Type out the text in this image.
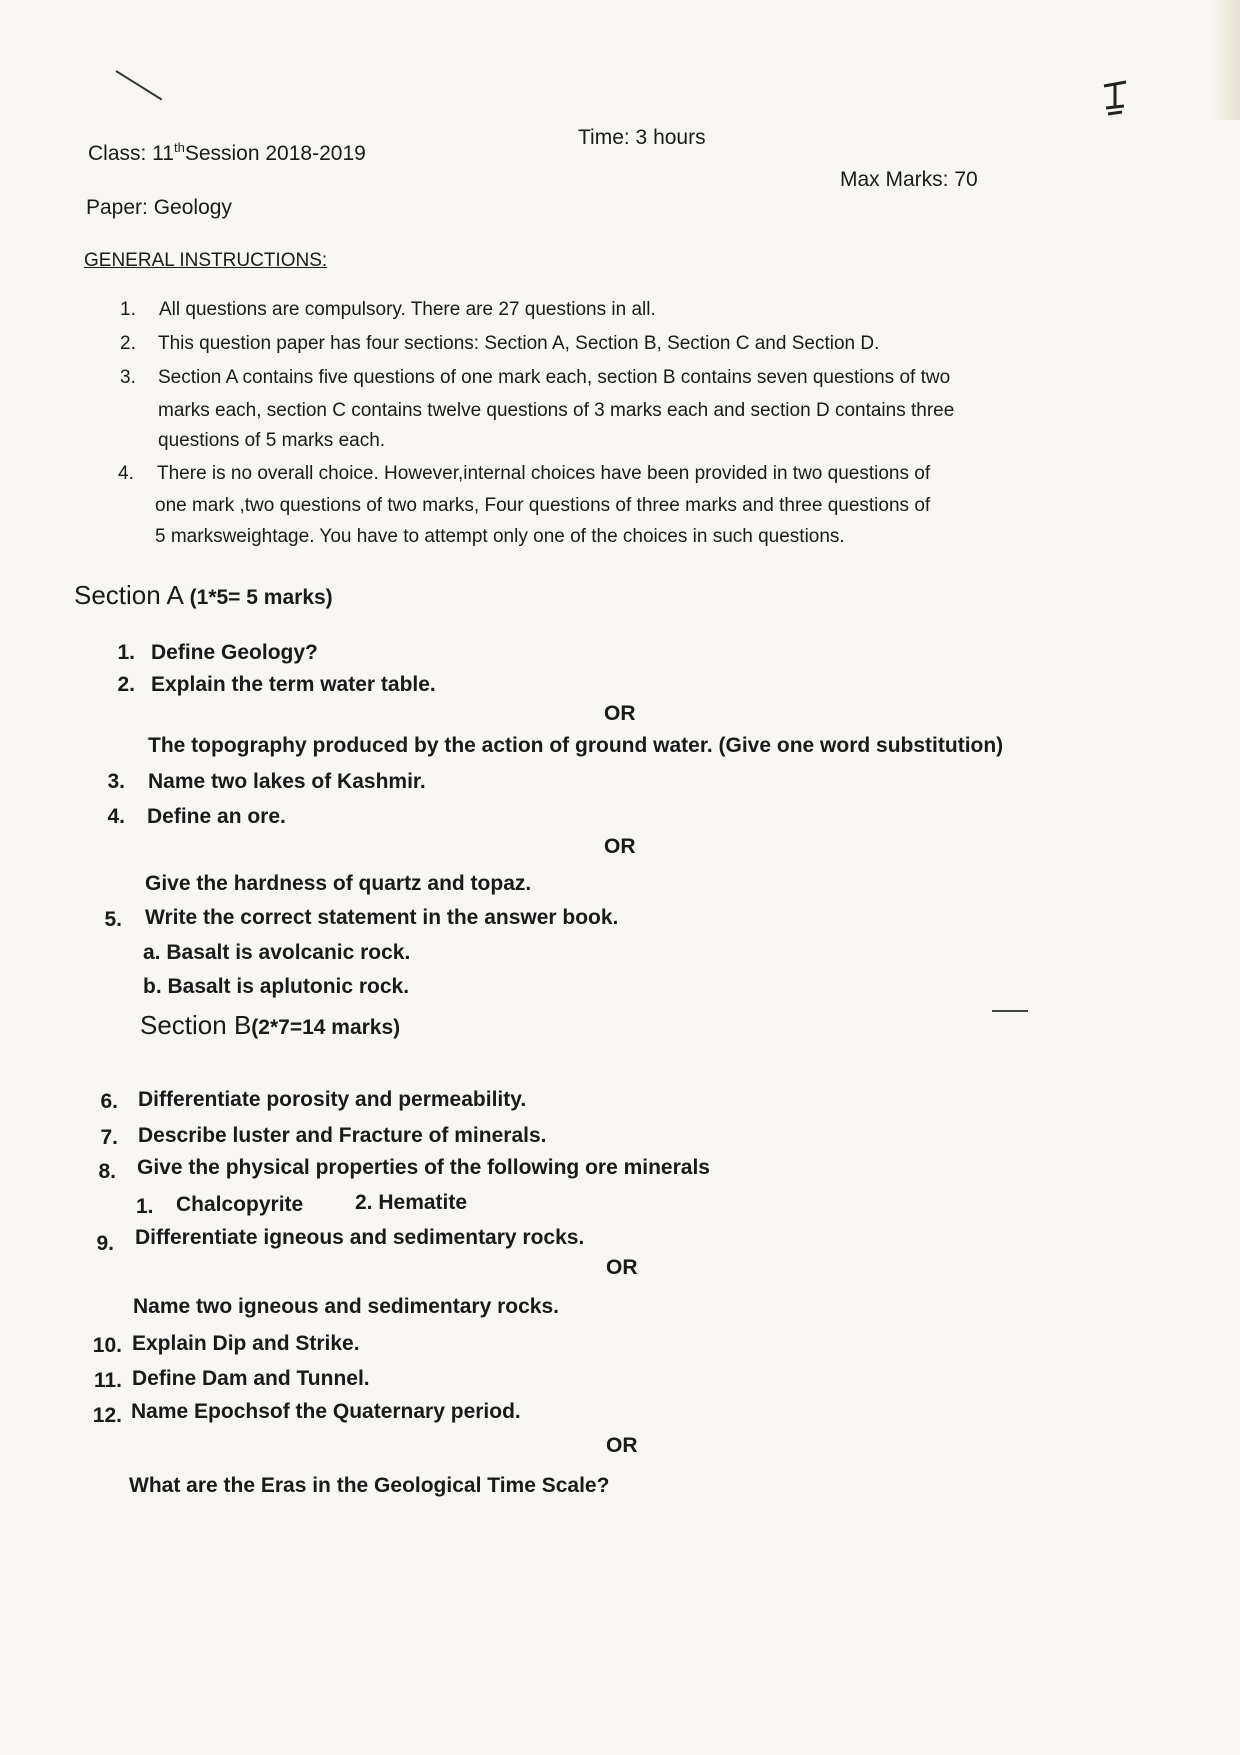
Class: 11thSession 2018-2019
Time: 3 hours
Max Marks: 70
Paper: Geology
GENERAL INSTRUCTIONS:
1. All questions are compulsory. There are 27 questions in all.
2. This question paper has four sections: Section A, Section B, Section C and Section D.
3. Section A contains five questions of one mark each, section B contains seven questions of two
marks each, section C contains twelve questions of 3 marks each and section D contains three
questions of 5 marks each.
4. There is no overall choice. However,internal choices have been provided in two questions of
one mark ,two questions of two marks, Four questions of three marks and three questions of
5 marksweightage. You have to attempt only one of the choices in such questions.
Section A (1*5= 5 marks)
1. Define Geology?
2. Explain the term water table.
OR
The topography produced by the action of ground water. (Give one word substitution)
3. Name two lakes of Kashmir.
4. Define an ore.
OR
Give the hardness of quartz and topaz.
5. Write the correct statement in the answer book.
a. Basalt is avolcanic rock.
b. Basalt is aplutonic rock.
Section B(2*7=14 marks)
6. Differentiate porosity and permeability.
7. Describe luster and Fracture of minerals.
8. Give the physical properties of the following ore minerals
1. Chalcopyrite 2. Hematite
9. Differentiate igneous and sedimentary rocks.
OR
Name two igneous and sedimentary rocks.
10. Explain Dip and Strike.
11. Define Dam and Tunnel.
12. Name Epochsof the Quaternary period.
OR
What are the Eras in the Geological Time Scale?
